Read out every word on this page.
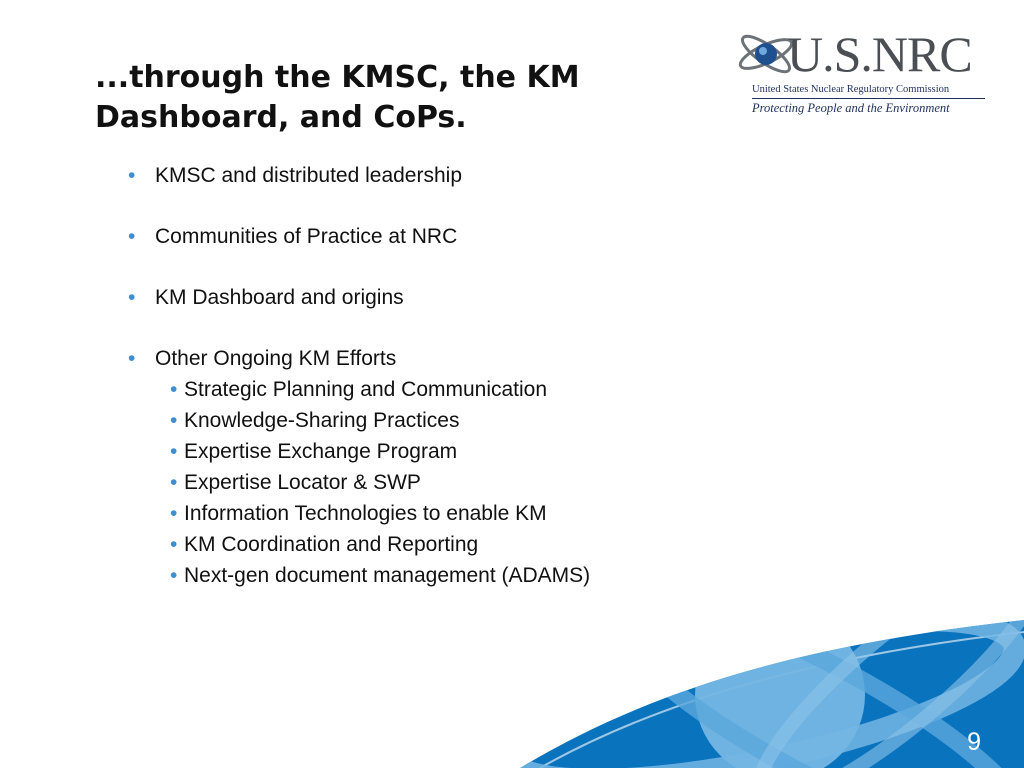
...through the KMSC, the KM Dashboard, and CoPs.
U.S.NRC
United States Nuclear Regulatory Commission
Protecting People and the Environment
• KMSC and distributed leadership
• Communities of Practice at NRC
• KM Dashboard and origins
• Other Ongoing KM Efforts
• Strategic Planning and Communication
• Knowledge-Sharing Practices
• Expertise Exchange Program
• Expertise Locator & SWP
• Information Technologies to enable KM
• KM Coordination and Reporting
• Next-gen document management (ADAMS)
9
